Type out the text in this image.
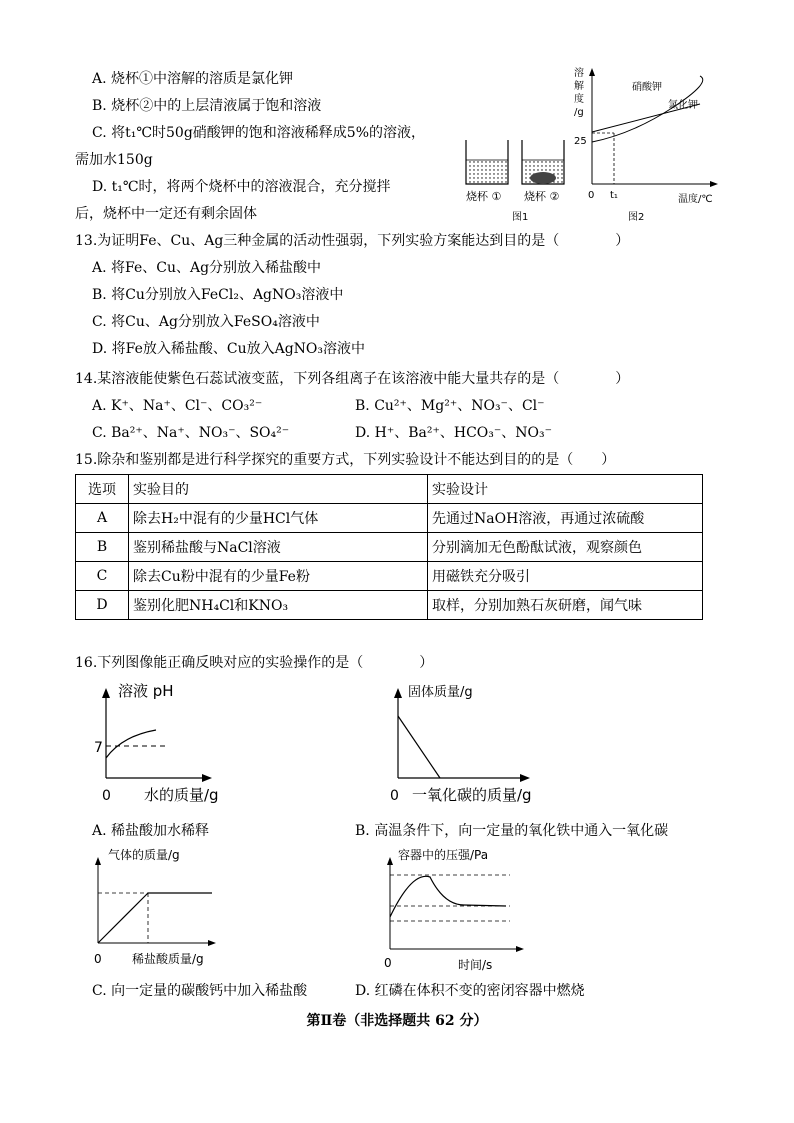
A. 烧杯①中溶解的溶质是氯化钾
B. 烧杯②中的上层清液属于饱和溶液
C. 将t₁℃时50g硝酸钾的饱和溶液稀释成5%的溶液，
需加水150g
D. t₁℃时，将两个烧杯中的溶液混合，充分搅拌
后，烧杯中一定还有剩余固体
烧杯 ① 烧杯 ②
图1
溶
解
度
/g
25
硝酸钾
氯化钾
0 t₁	温度/℃
图2
13.为证明Fe、Cu、Ag三种金属的活动性强弱，下列实验方案能达到目的是（　　　　）
A. 将Fe、Cu、Ag分别放入稀盐酸中
B. 将Cu分别放入FeCl₂、AgNO₃溶液中
C. 将Cu、Ag分别放入FeSO₄溶液中
D. 将Fe放入稀盐酸、Cu放入AgNO₃溶液中
14.某溶液能使紫色石蕊试液变蓝，下列各组离子在该溶液中能大量共存的是（　　　　）
A. K⁺、Na⁺、Cl⁻、CO₃²⁻	B. Cu²⁺、Mg²⁺、NO₃⁻、Cl⁻
C. Ba²⁺、Na⁺、NO₃⁻、SO₄²⁻	D. H⁺、Ba²⁺、HCO₃⁻、NO₃⁻
15.除杂和鉴别都是进行科学探究的重要方式，下列实验设计不能达到目的的是（　　）
选项	实验目的	实验设计
A	除去H₂中混有的少量HCl气体	先通过NaOH溶液，再通过浓硫酸
B	鉴别稀盐酸与NaCl溶液	分别滴加无色酚酞试液，观察颜色
C	除去Cu粉中混有的少量Fe粉	用磁铁充分吸引
D	鉴别化肥NH₄Cl和KNO₃	取样，分别加熟石灰研磨，闻气味
16.下列图像能正确反映对应的实验操作的是（　　　　）
溶液 pH
7
0 水的质量/g
固体质量/g
0 一氧化碳的质量/g
A. 稀盐酸加水稀释	B. 高温条件下，向一定量的氧化铁中通入一氧化碳
气体的质量/g
0	稀盐酸质量/g
容器中的压强/Pa
0	时间/s
C. 向一定量的碳酸钙中加入稀盐酸	D. 红磷在体积不变的密闭容器中燃烧
第Ⅱ卷（非选择题共 62 分）
